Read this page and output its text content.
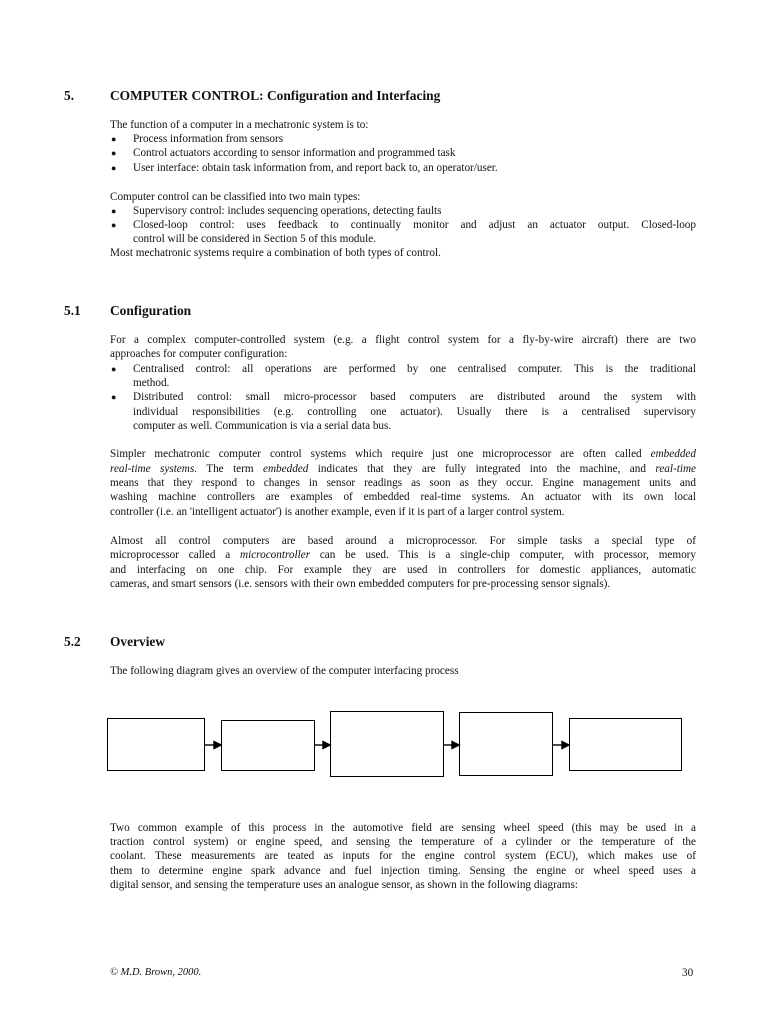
5.	COMPUTER CONTROL: Configuration and Interfacing
The function of a computer in a mechatronic system is to:
● Process information from sensors
● Control actuators according to sensor information and programmed task
● User interface: obtain task information from, and report back to, an operator/user.
Computer control can be classified into two main types:
● Supervisory control: includes sequencing operations, detecting faults
● Closed-loop control: uses feedback to continually monitor and adjust an actuator output. Closed-loop
control will be considered in Section 5 of this module.
Most mechatronic systems require a combination of both types of control.
5.1 Configuration
For a complex computer-controlled system (e.g. a flight control system for a fly-by-wire aircraft) there are two
approaches for computer configuration:
● Centralised control: all operations are performed by one centralised computer. This is the traditional
method.
● Distributed control: small micro-processor based computers are distributed around the system with
individual responsibilities (e.g. controlling one actuator). Usually there is a centralised supervisory
computer as well. Communication is via a serial data bus.
Simpler mechatronic computer control systems which require just one microprocessor are often called embedded
real-time systems. The term embedded indicates that they are fully integrated into the machine, and real-time
means that they respond to changes in sensor readings as soon as they occur. Engine management units and
washing machine controllers are examples of embedded real-time systems. An actuator with its own local
controller (i.e. an 'intelligent actuator') is another example, even if it is part of a larger control system.
Almost all control computers are based around a microprocessor. For simple tasks a special type of
microprocessor called a microcontroller can be used. This is a single-chip computer, with processor, memory
and interfacing on one chip. For example they are used in controllers for domestic appliances, automatic
cameras, and smart sensors (i.e. sensors with their own embedded computers for pre-processing sensor signals).
5.2 Overview
The following diagram gives an overview of the computer interfacing process
Two common example of this process in the automotive field are sensing wheel speed (this may be used in a
traction control system) or engine speed, and sensing the temperature of a cylinder or the temperature of the
coolant. These measurements are teated as inputs for the engine control system (ECU), which makes use of
them to determine engine spark advance and fuel injection timing. Sensing the engine or wheel speed uses a
digital sensor, and sensing the temperature uses an analogue sensor, as shown in the following diagrams:
© M.D. Brown, 2000.	30
